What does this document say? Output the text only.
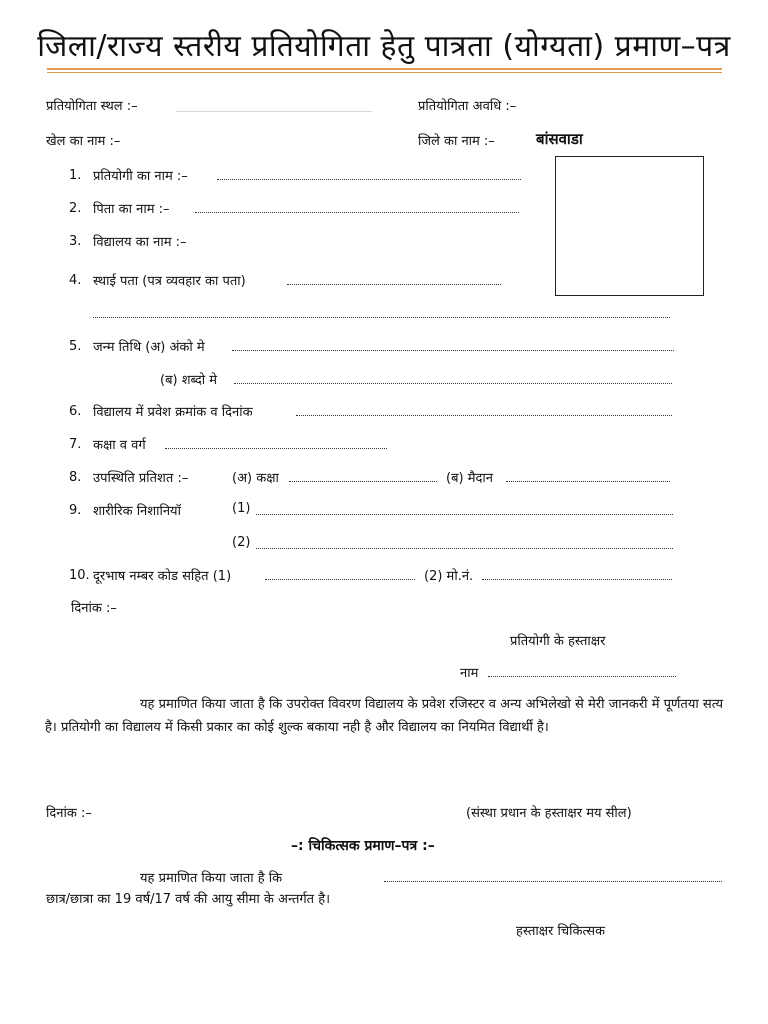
जिला/राज्य स्तरीय प्रतियोगिता हेतु पात्रता (योग्यता) प्रमाण–पत्र
प्रतियोगिता स्थल :–	प्रतियोगिता अवधि :–
खेल का नाम :–	जिले का नाम :–	बांसवाडा
1. प्रतियोगी का नाम :–
2. पिता का नाम :–
3. विद्यालय का नाम :–
4. स्थाई पता (पत्र व्यवहार का पता)
5. जन्म तिथि (अ) अंको मे
(ब) शब्दो मे
6. विद्यालय में प्रवेश क्रमांक व दिनांक
7. कक्षा व वर्ग
8. उपस्थिति प्रतिशत :–	(अ) कक्षा	(ब) मैदान
9. शारीरिक निशानियॉ	(1)
(2)
10. दूरभाष नम्बर कोड सहित (1)	(2) मो.नं.
दिनांक :–
प्रतियोगी के हस्ताक्षर
नाम
यह प्रमाणित किया जाता है कि उपरोक्त विवरण विद्यालय के प्रवेश रजिस्टर व अन्य अभिलेखो से मेरी जानकरी में पूर्णतया सत्य है। प्रतियोगी का विद्यालय में किसी प्रकार का कोई शुल्क बकाया नही है और विद्यालय का नियमित विद्यार्थी है।
दिनांक :–	(संस्था प्रधान के हस्ताक्षर मय सील)
–: चिकित्सक प्रमाण–पत्र :–
यह प्रमाणित किया जाता है कि
छात्र/छात्रा का 19 वर्ष/17 वर्ष की आयु सीमा के अन्तर्गत है।
हस्ताक्षर चिकित्सक
